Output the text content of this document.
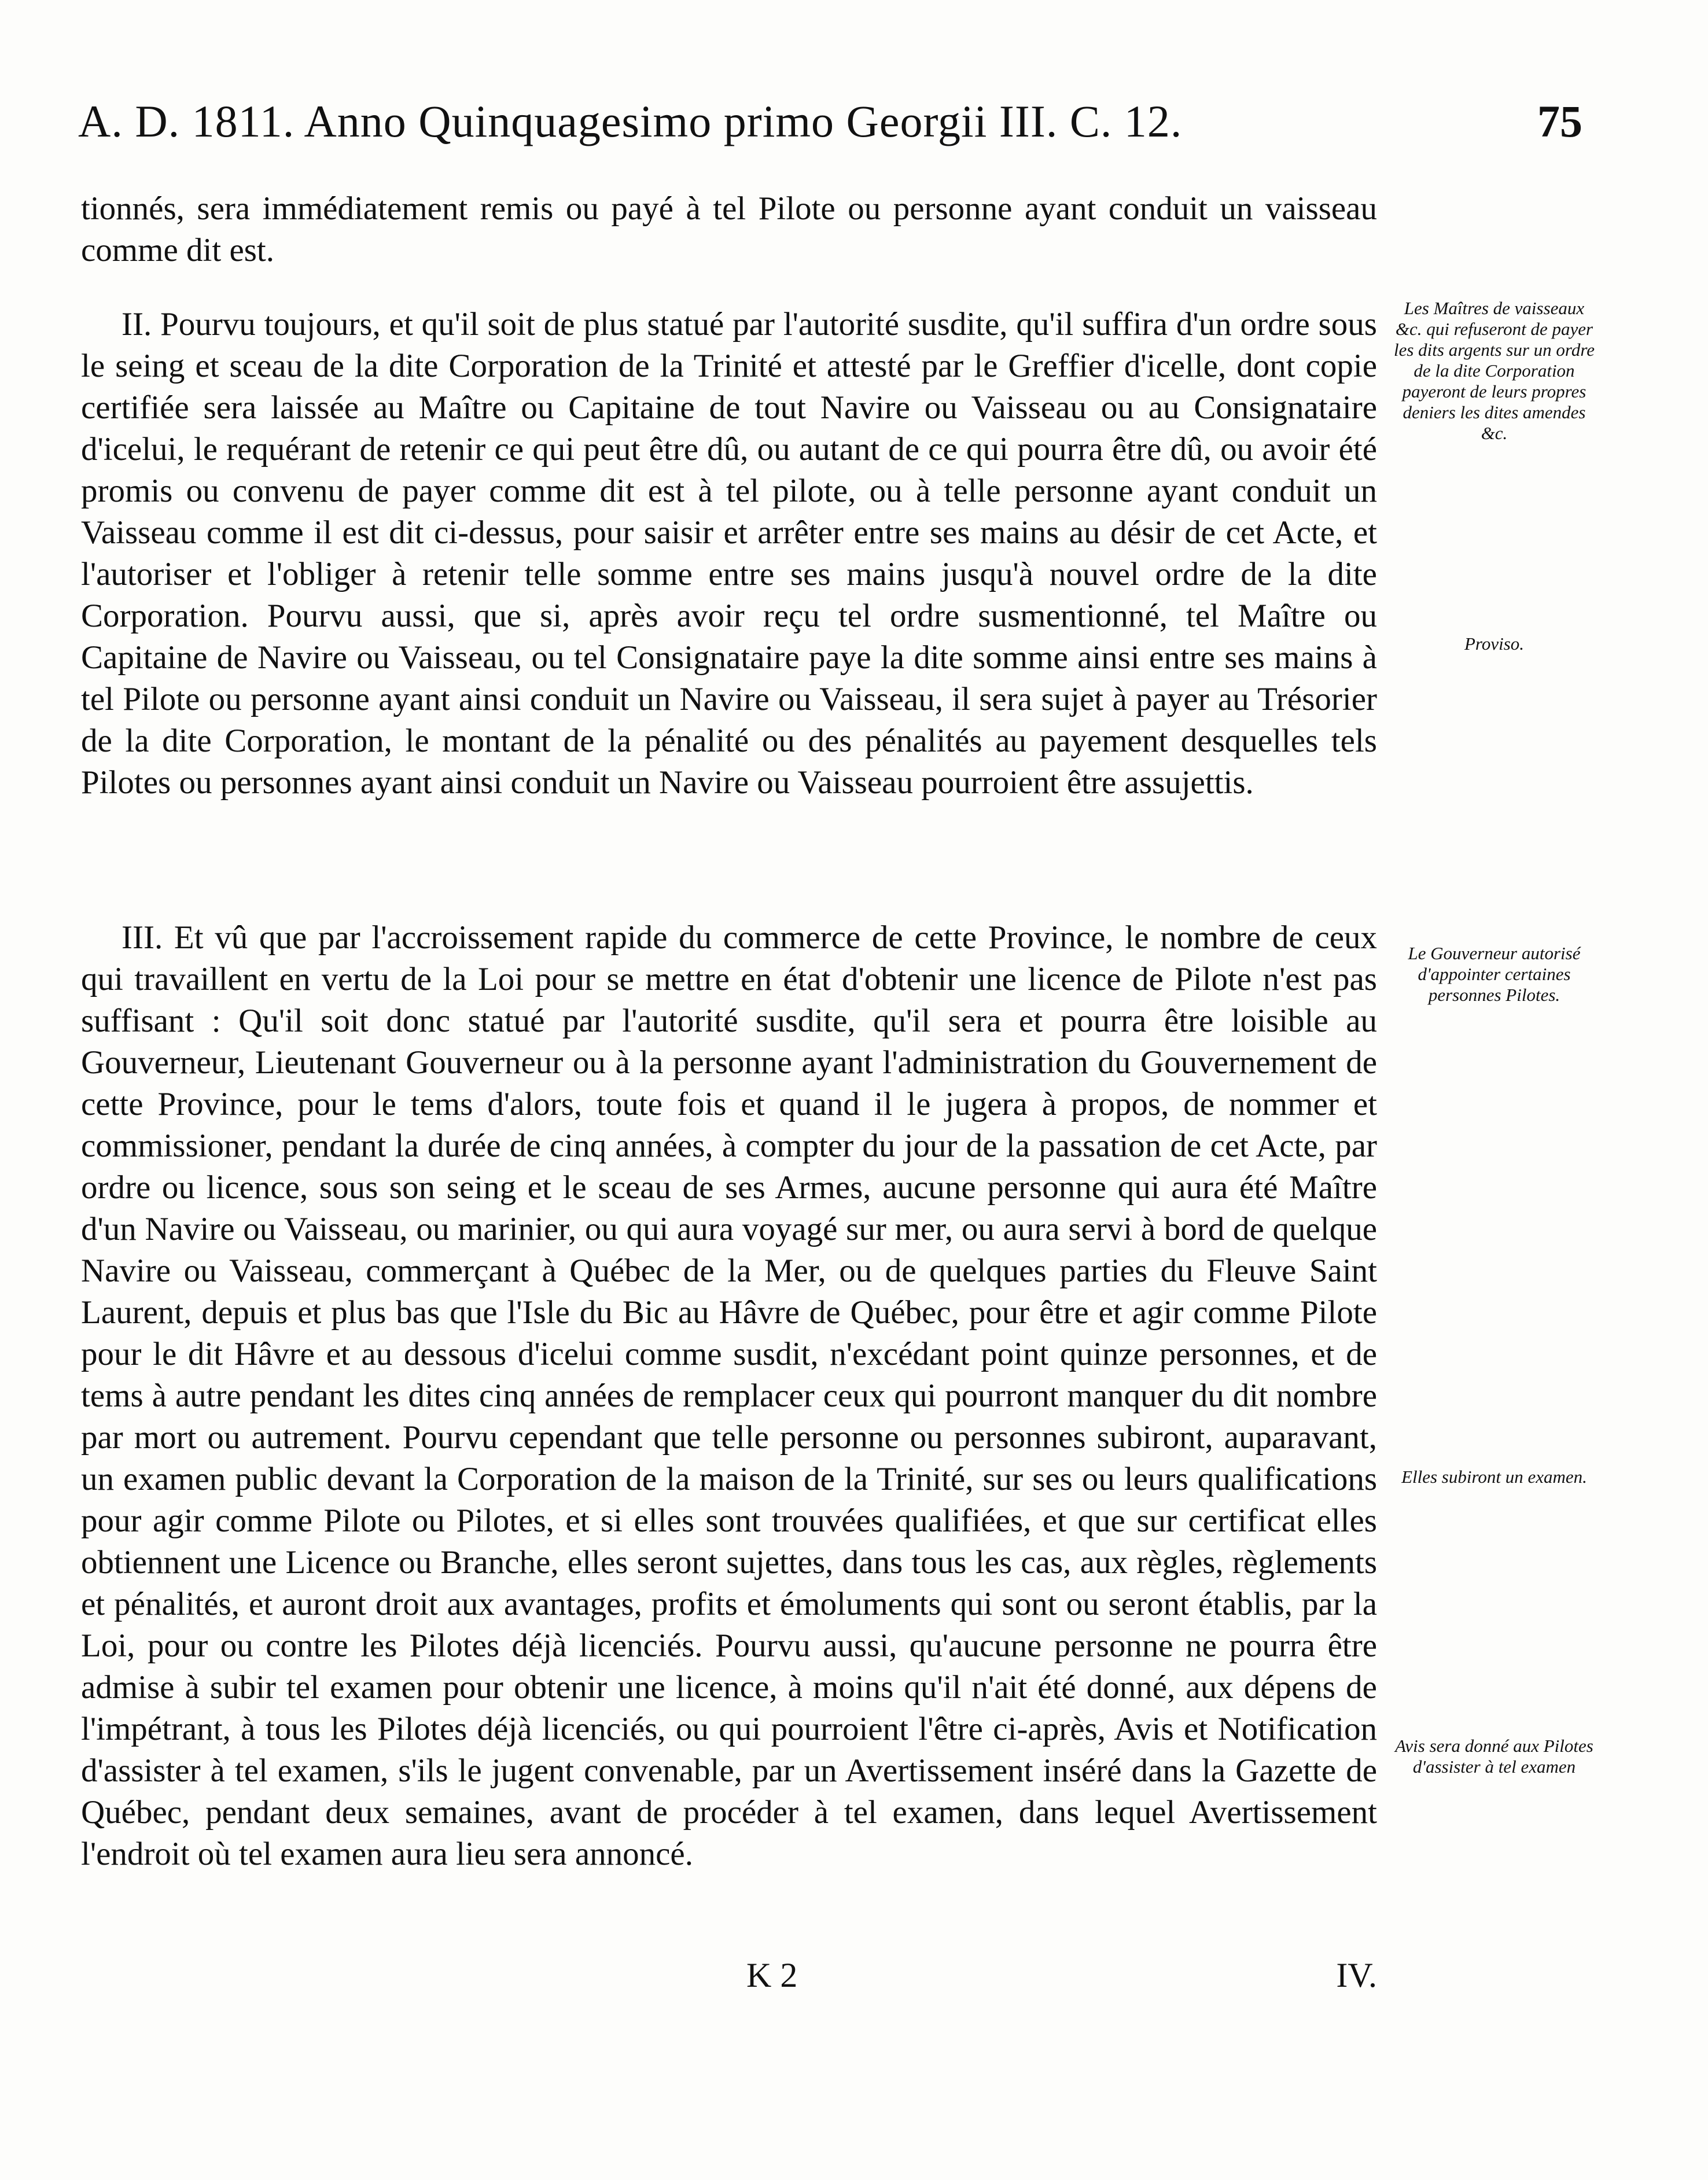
A. D. 1811. Anno Quinquagesimo primo Georgii III. C. 12.	75

tionnés, sera immédiatement remis ou payé à tel Pilote ou personne ayant conduit un vaisseau comme dit est.

II. Pourvu toujours, et qu'il soit de plus statué par l'autorité susdite, qu'il suffira d'un ordre sous le seing et sceau de la dite Corporation de la Trinité et attesté par le Greffier d'icelle, dont copie certifiée sera laissée au Maître ou Capitaine de tout Navire ou Vaisseau ou au Consignataire d'icelui, le requérant de retenir ce qui peut être dû, ou autant de ce qui pourra être dû, ou avoir été promis ou convenu de payer comme dit est à tel pilote, ou à telle personne ayant conduit un Vaisseau comme il est dit ci-dessus, pour saisir et arrêter entre ses mains au désir de cet Acte, et l'autoriser et l'obliger à retenir telle somme entre ses mains jusqu'à nouvel ordre de la dite Corporation. Pourvu aussi, que si, après avoir reçu tel ordre susmentionné, tel Maître ou Capitaine de Navire ou Vaisseau, ou tel Consignataire paye la dite somme ainsi entre ses mains à tel Pilote ou personne ayant ainsi conduit un Navire ou Vaisseau, il sera sujet à payer au Trésorier de la dite Corporation, le montant de la pénalité ou des pénalités au payement desquelles tels Pilotes ou personnes ayant ainsi conduit un Navire ou Vaisseau pourroient être assujettis.

III. Et vû que par l'accroissement rapide du commerce de cette Province, le nombre de ceux qui travaillent en vertu de la Loi pour se mettre en état d'obtenir une licence de Pilote n'est pas suffisant : Qu'il soit donc statué par l'autorité susdite, qu'il sera et pourra être loisible au Gouverneur, Lieutenant Gouverneur ou à la personne ayant l'administration du Gouvernement de cette Province, pour le tems d'alors, toute fois et quand il le jugera à propos, de nommer et commissioner, pendant la durée de cinq années, à compter du jour de la passation de cet Acte, par ordre ou licence, sous son seing et le sceau de ses Armes, aucune personne qui aura été Maître d'un Navire ou Vaisseau, ou marinier, ou qui aura voyagé sur mer, ou aura servi à bord de quelque Navire ou Vaisseau, commerçant à Québec de la Mer, ou de quelques parties du Fleuve Saint Laurent, depuis et plus bas que l'Isle du Bic au Hâvre de Québec, pour être et agir comme Pilote pour le dit Hâvre et au dessous d'icelui comme susdit, n'excédant point quinze personnes, et de tems à autre pendant les dites cinq années de remplacer ceux qui pourront manquer du dit nombre par mort ou autrement. Pourvu cependant que telle personne ou personnes subiront, auparavant, un examen public devant la Corporation de la maison de la Trinité, sur ses ou leurs qualifications pour agir comme Pilote ou Pilotes, et si elles sont trouvées qualifiées, et que sur certificat elles obtiennent une Licence ou Branche, elles seront sujettes, dans tous les cas, aux règles, règlements et pénalités, et auront droit aux avantages, profits et émoluments qui sont ou seront établis, par la Loi, pour ou contre les Pilotes déjà licenciés. Pourvu aussi, qu'aucune personne ne pourra être admise à subir tel examen pour obtenir une licence, à moins qu'il n'ait été donné, aux dépens de l'impétrant, à tous les Pilotes déjà licenciés, ou qui pourroient l'être ci-après, Avis et Notification d'assister à tel examen, s'ils le jugent convenable, par un Avertissement inséré dans la Gazette de Québec, pendant deux semaines, avant de procéder à tel examen, dans lequel Avertissement l'endroit où tel examen aura lieu sera annoncé.

Les Maîtres de vaisseaux &c. qui refuseront de payer les dits argents sur un ordre de la dite Corporation payeront de leurs propres deniers les dites amendes &c.
Proviso.
Le Gouverneur autorisé d'appointer certaines personnes Pilotes.
Elles subiront un examen.
Avis sera donné aux Pilotes d'assister à tel examen
K 2	IV.
